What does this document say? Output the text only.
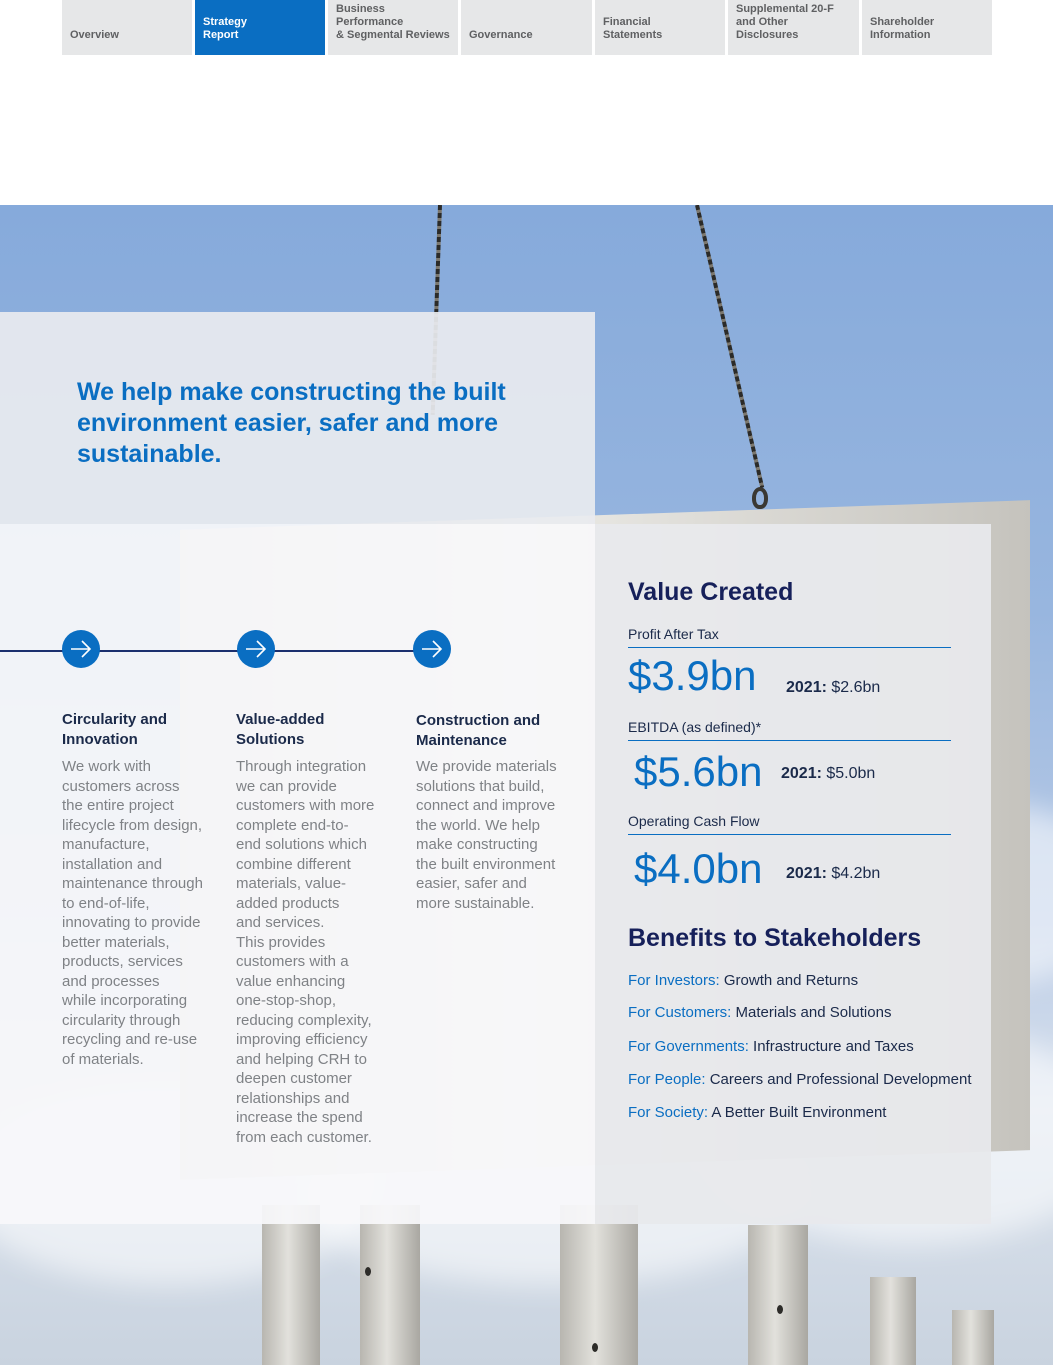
Overview
Strategy
Report
Business Performance
& Segmental Reviews	Governance
Financial
Statements
Supplemental 20-F
and Other Disclosures
Shareholder
Information
We help make constructing the built environment easier, safer and more sustainable.
Circularity and
Innovation
We work with
customers across
the entire project
lifecycle from design,
manufacture,
installation and
maintenance through
to end-of-life,
innovating to provide
better materials,
products, services
and processes
while incorporating
circularity through
recycling and re-use
of materials.
Value-added
Solutions
Through integration
we can provide
customers with more
complete end-to-
end solutions which
combine different
materials, value-
added products
and services.
This provides
customers with a
value enhancing
one-stop-shop,
reducing complexity,
improving efficiency
and helping CRH to
deepen customer
relationships and
increase the spend
from each customer.
Construction and
Maintenance
We provide materials
solutions that build,
connect and improve
the world. We help
make constructing
the built environment
easier, safer and
more sustainable.
Value Created
Profit After Tax
$3.9bn 2021: $2.6bn
EBITDA (as defined)*
$5.6bn 2021: $5.0bn
Operating Cash Flow
$4.0bn 2021: $4.2bn
Benefits to Stakeholders
For Investors: Growth and Returns
For Customers: Materials and Solutions
For Governments: Infrastructure and Taxes
For People: Careers and Professional Development
For Society: A Better Built Environment
